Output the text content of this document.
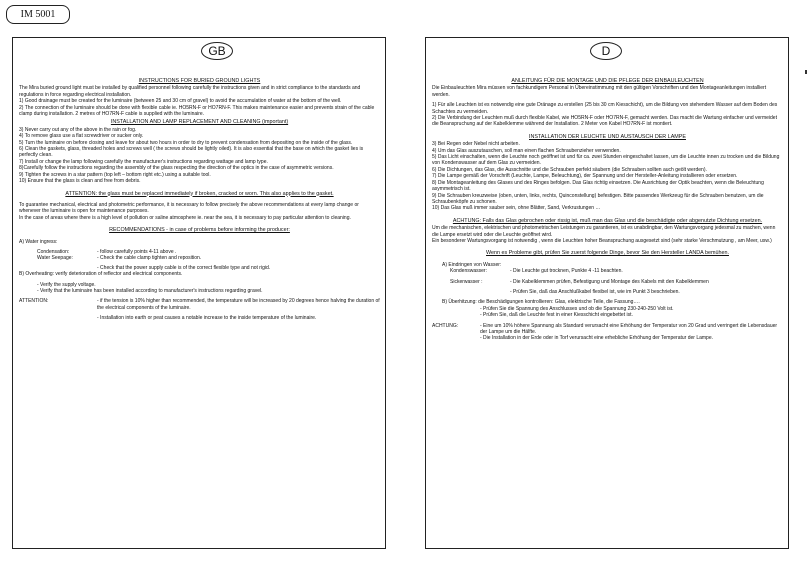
IM 5001
GB
INSTRUCTIONS FOR BURIED GROUND LIGHTS

The Mira buried ground light must be installed by qualified personnel following carefully the instructions given and in strict compliance to the standards and regulations in force regarding electrical installation.

1) Good drainage must be created for the luminaire (between 25 and 30 cm of gravel) to avoid the accumulation of water at the bottom of the well.

2) The connection of the luminaire should be done with flexible cable ie. HO5RN-F or HO7RN-F. This makes maintenance easier and prevents strain of the cable clamp during installation. 2 metres of HO7RN-F cable is supplied with the luminaire.

INSTALLATION AND LAMP REPLACEMENT AND CLEANING (important)

3) Never carry out any of the above in the rain or fog.

4) To remove glass use a flat screwdriver or sucker only.

5) Turn the luminaire on before closing and leave for about two hours in order to dry to prevent condensation from depositing on the inside of the glass.

6) Clean the gaskets, glass, threaded holes and screws well ( the screws should be lightly oiled). It is also essential that the base on which the gasket lies is perfectly clean.

7) Install or change the lamp following carefully the manufacturer's instructions regarding wattage and lamp type.

8)Carefully follow the instructions regarding the assembly of the glass respecting the direction of the optics in the case of asymmetric versions.

9) Tighten the screws in a star pattern (top left – bottom right etc.) using a suitable tool.

10) Ensure that the glass is clean and free from debris.

ATTENTION: the glass must be replaced immediately if broken, cracked or worn. This also applies to the gasket.

To guarantee mechanical, electrical and photometric performance, it is necessary to follow precisely the above recommendations at every lamp change or whenever the luminaire is open for maintenance purposes.

In the case of areas where there is a high level of pollution or saline atmosphere ie. near the sea, it is necessary to pay particular attention to cleaning.

RECOMMENDATIONS - in case of problems before informing the producer:

A) Water ingress:

Condensation:	- follow carefully points 4-11 above .
Water Seepage:	- Check the cable clamp tighten and reposition.
- Check that the power supply cable is of the correct flexible type and not rigid.

B) Overheating: verify deterioration of reflector and electrical components.

- Verify the supply voltage.

- Verify that the luminaire has been installed according to manufacturer's instructions regarding gravel.

ATTENTION:	- if the tension is 10% higher than recommended, the temperature will be increased by 20 degrees hence halving the duration of the electrical components of the luminaire.
- Installation into earth or peat causes a notable increase to the inside temperature of the luminaire.
D
ANLEITUNG FÜR DIE MONTAGE UND DIE PFLEGE DER EINBAULEUCHTEN

Die Einbauleuchten Mira müssen von fachkundigem Personal in Übereinstimmung mit den gültigen Vorschriften und den Montageanleitungen installiert werden.

1) Für alle Leuchten ist es notwendig eine gute Dränage zu erstellen (25 bis 30 cm Kiesschicht), um die Bildung von stehendem Wasser auf dem Boden des Schachtes zu vermeiden.

2) Die Verbindung der Leuchten muß durch flexible Kabel, wie HO5RN-F oder HO7RN-F, gemacht werden. Das macht die Wartung einfacher und vermeidet die Beanspruchung auf der Kabelklemme während der Installation. 2 Meter von Kabel HO7RN-F ist montiert.

INSTALLATION DER LEUCHTE UND AUSTAUSCH DER LAMPE

3) Bei Regen oder Nebel nicht arbeiten.

4) Um das Glas auszutauschen, soll man einen flachen Schraubenzieher verwenden.

5) Das Licht einschalten, wenn die Leuchte noch geöffnet ist und für ca. zwei Stunden eingeschaltet lassen, um die Leuchte innen zu trocken und die Bildung von Kondenswasser auf dem Glas zu vermeiden.

6) Die Dichtungen, das Glas, die Ausschnitte und die Schrauben perfekt säubern (die Schrauben sollten auch geölt werden).

7) Die Lampe gemäß der Vorschrift (Leuchte, Lampe, Beleuchtung), der Spannung und der Hersteller-Anleitung installieren oder ersetzen.

8) Die Montageanleitung des Glases und des Ringes befolgen. Das Glas richtig einsetzen. Die Ausrichtung der Optik beachten, wenn die Beleuchtung asymmetrisch ist.

9) Die Schrauben kreuzweise (oben, unten, links, rechts, Quinconstellung) befestigen. Bitte passendes Werkzeug für die Schrauben benutzen, um die Schraubenköpfe zu schonen.

10) Das Glas muß immer sauber sein, ohne Blätter, Sand, Verkrustungen …

ACHTUNG: Falls das Glas gebrochen oder rissig ist, muß man das Glas und die beschädigte oder abgenutzte Dichtung ersetzen.

Um die mechanischen, elektrischen und photometrischen Leistungen zu garantieren, ist es unabdingbar, den Wartungsvorgang jedesmal zu machen, wenn die Lampe ersetzt wird oder die Leuchte geöffnet wird.

Ein besonderer Wartungsvorgang ist notwendig , wenn die Leuchten hoher Beanspruchung ausgesetzt sind (sehr starke Verschmutzung , am Meer, usw.)

Wenn es Probleme gibt, prüfen Sie zuerst folgende Dinge, bevor Sie den Hersteller LANDA bemühen.

A) Eindringen von Wasser:

Kondenswasser:	- Die Leuchte gut trocknen, Punkte 4 -11 beachten.
Sickerwasser :	- Die Kabelklemmen prüfen, Befestigung und Montage des Kabels mit den Kabelklemmen
- Prüfen Sie, daß das Anschlußkabel flexibel ist, wie im Punkt 3 beschrieben.

B) Überhitzung: die Beschädigungen kontrollieren: Glas, elektrische Teile, die Fassung….

- Prüfen Sie die Spannung des Anschlusses und ob die Spannung 230-240-250 Volt ist.

- Prüfen Sie, daß die Leuchte fest in einer Kiesschicht eingebettet ist.

ACHTUNG:	- Eine um 10% höhere Spannung als Standard verursacht eine Erhöhung der Temperatur von 20 Grad und verringert die Lebensdauer der Lampe um die Hälfte.
- Die Installation in der Erde oder in Torf verursacht eine erhebliche Erhöhung der Temperatur der Lampe.
